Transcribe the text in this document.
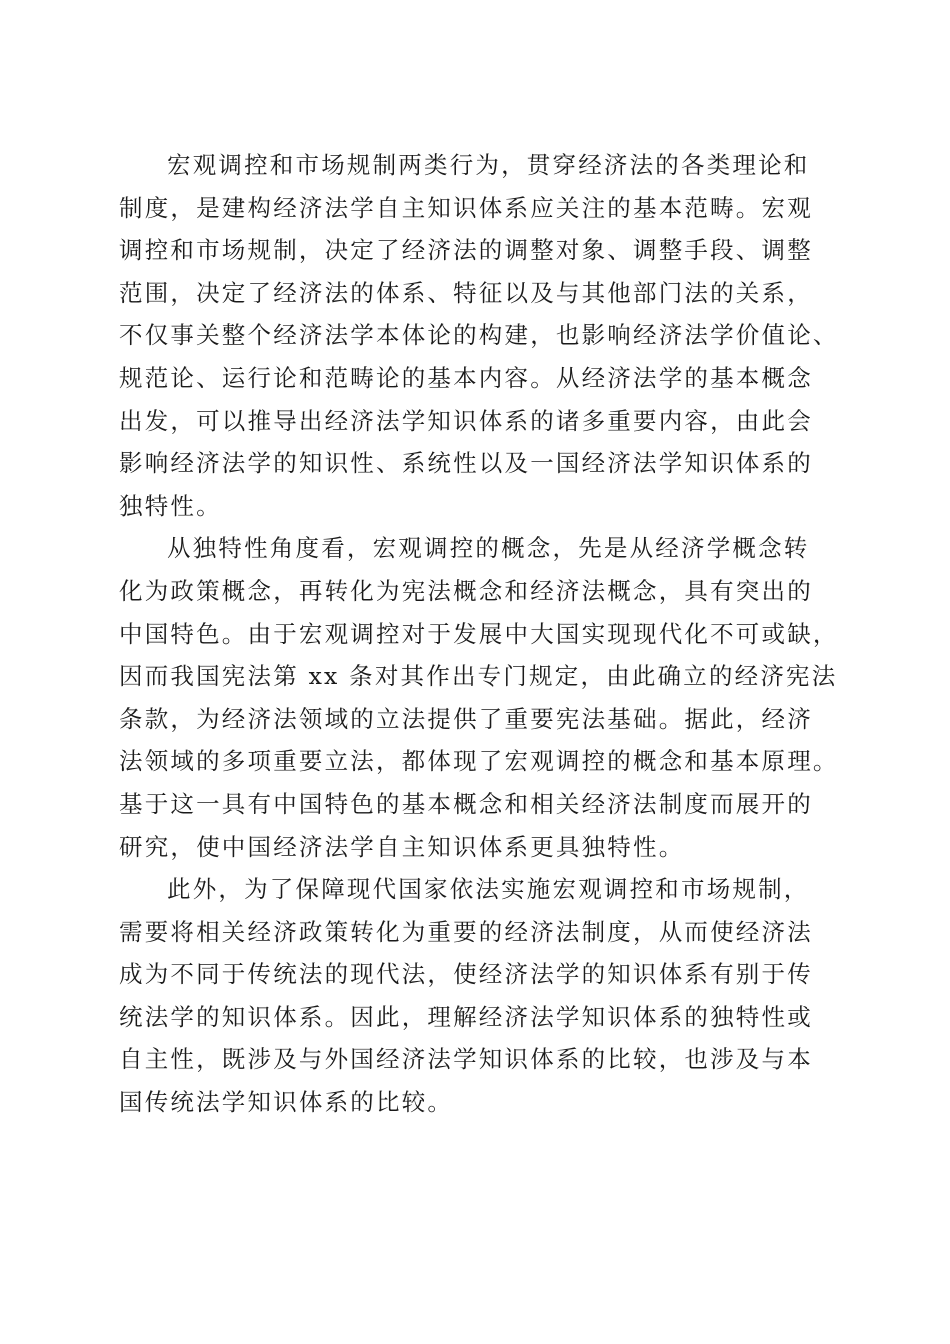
宏观调控和市场规制两类行为，贯穿经济法的各类理论和
制度，是建构经济法学自主知识体系应关注的基本范畴。宏观
调控和市场规制，决定了经济法的调整对象、调整手段、调整
范围，决定了经济法的体系、特征以及与其他部门法的关系，
不仅事关整个经济法学本体论的构建，也影响经济法学价值论、
规范论、运行论和范畴论的基本内容。从经济法学的基本概念
出发，可以推导出经济法学知识体系的诸多重要内容，由此会
影响经济法学的知识性、系统性以及一国经济法学知识体系的
独特性。
从独特性角度看，宏观调控的概念，先是从经济学概念转
化为政策概念，再转化为宪法概念和经济法概念，具有突出的
中国特色。由于宏观调控对于发展中大国实现现代化不可或缺，
因而我国宪法第 xx 条对其作出专门规定，由此确立的经济宪法
条款，为经济法领域的立法提供了重要宪法基础。据此，经济
法领域的多项重要立法，都体现了宏观调控的概念和基本原理。
基于这一具有中国特色的基本概念和相关经济法制度而展开的
研究，使中国经济法学自主知识体系更具独特性。
此外，为了保障现代国家依法实施宏观调控和市场规制，
需要将相关经济政策转化为重要的经济法制度，从而使经济法
成为不同于传统法的现代法，使经济法学的知识体系有别于传
统法学的知识体系。因此，理解经济法学知识体系的独特性或
自主性，既涉及与外国经济法学知识体系的比较，也涉及与本
国传统法学知识体系的比较。
